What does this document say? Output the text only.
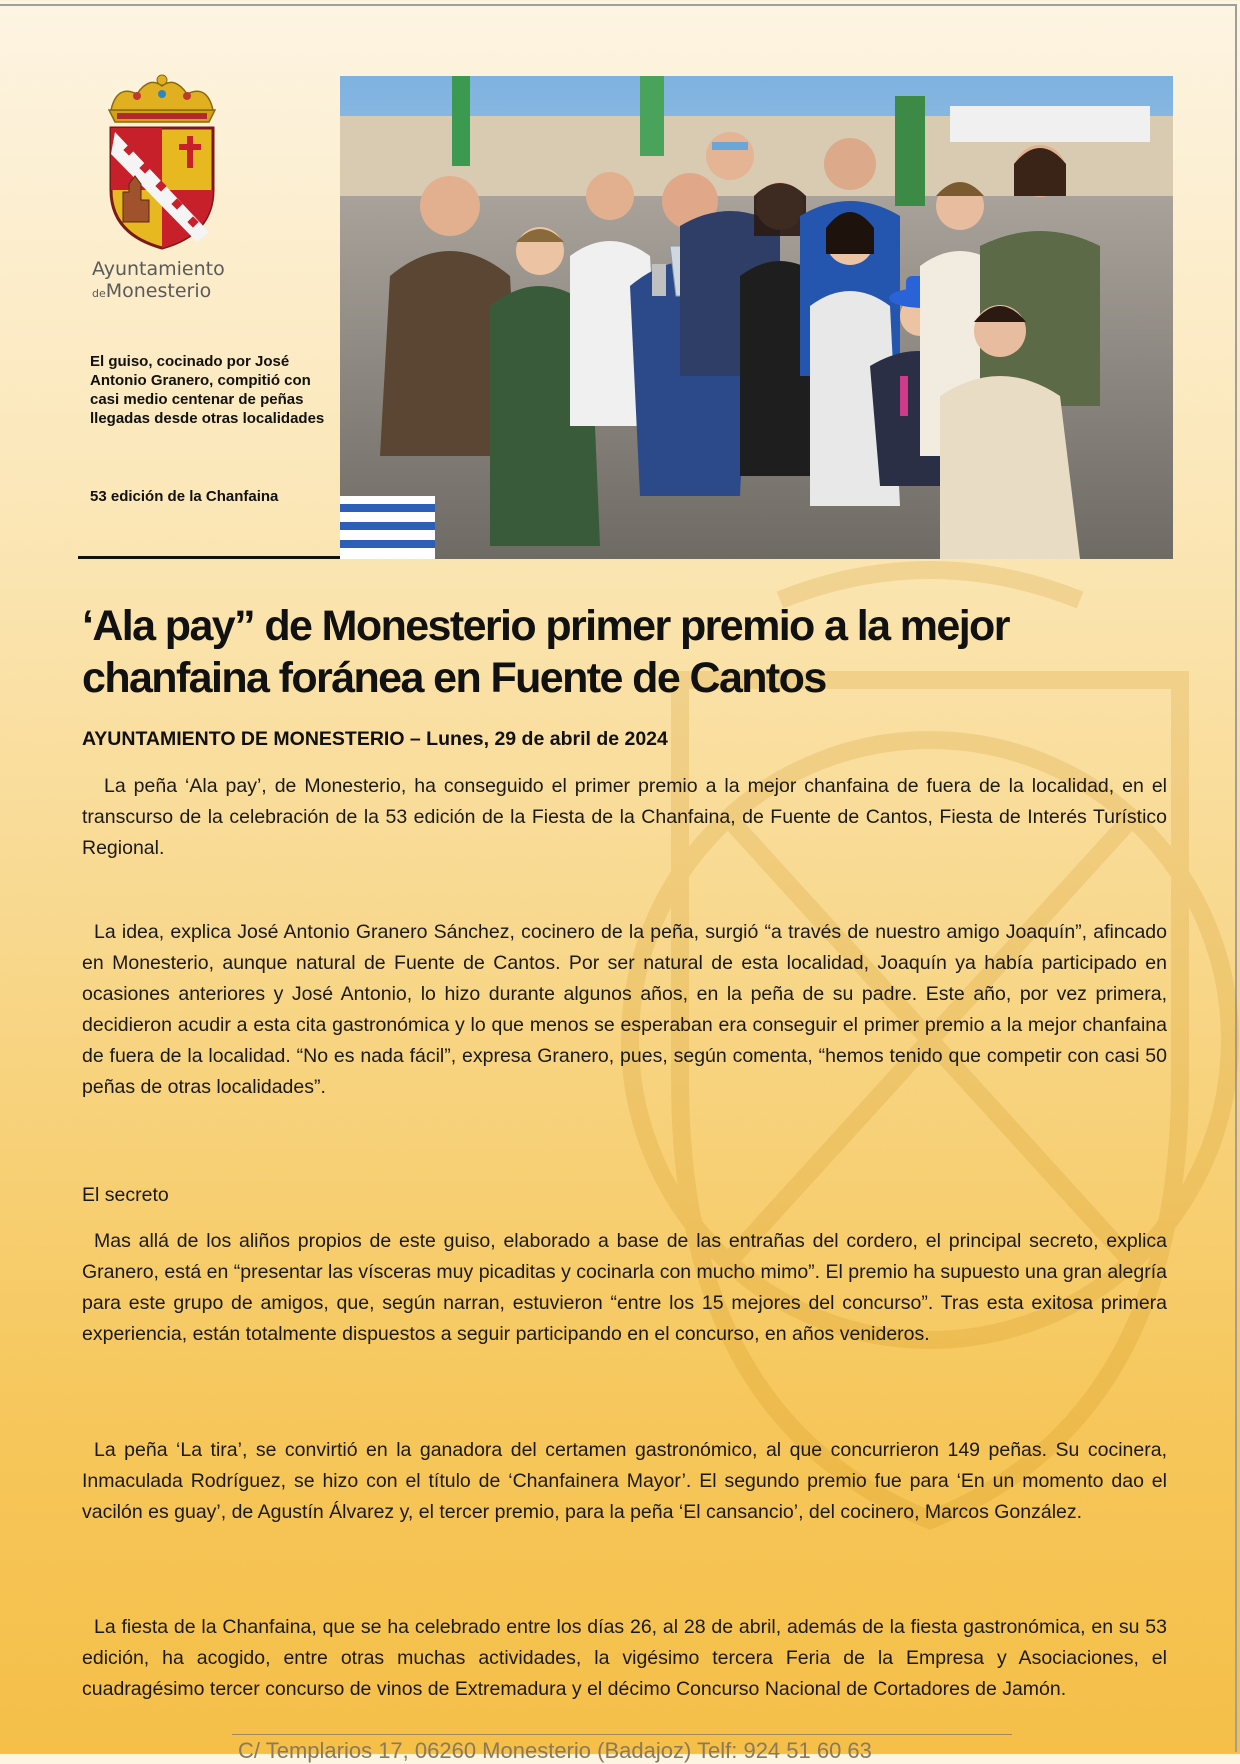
Ayuntamiento
deMonesterio
El guiso, cocinado por José Antonio Granero, compitió con casi medio centenar de peñas llegadas desde otras localidades
53 edición de la Chanfaina
‘Ala pay” de Monesterio primer premio a la mejor chanfaina foránea en Fuente de Cantos
AYUNTAMIENTO DE MONESTERIO – Lunes, 29 de abril de 2024

La peña ‘Ala pay’, de Monesterio, ha conseguido el primer premio a la mejor chanfaina de fuera de la localidad, en el transcurso de la celebración de la 53 edición de la Fiesta de la Chanfaina, de Fuente de Cantos, Fiesta de Interés Turístico Regional.

La idea, explica José Antonio Granero Sánchez, cocinero de la peña, surgió “a través de nuestro amigo Joaquín”, afincado en Monesterio, aunque natural de Fuente de Cantos. Por ser natural de esta localidad, Joaquín ya había participado en ocasiones anteriores y José Antonio, lo hizo durante algunos años, en la peña de su padre. Este año, por vez primera, decidieron acudir a esta cita gastronómica y lo que menos se esperaban era conseguir el primer premio a la mejor chanfaina de fuera de la localidad. “No es nada fácil”, expresa Granero, pues, según comenta, “hemos tenido que competir con casi 50 peñas de otras localidades”.

El secreto

Mas allá de los aliños propios de este guiso, elaborado a base de las entrañas del cordero, el principal secreto, explica Granero, está en “presentar las vísceras muy picaditas y cocinarla con mucho mimo”. El premio ha supuesto una gran alegría para este grupo de amigos, que, según narran, estuvieron “entre los 15 mejores del concurso”. Tras esta exitosa primera experiencia, están totalmente dispuestos a seguir participando en el concurso, en años venideros.

La peña ‘La tira’, se convirtió en la ganadora del certamen gastronómico, al que concurrieron 149 peñas. Su cocinera, Inmaculada Rodríguez, se hizo con el título de ‘Chanfainera Mayor’. El segundo premio fue para ‘En un momento dao el vacilón es guay’, de Agustín Álvarez y, el tercer premio, para la peña ‘El cansancio’, del cocinero, Marcos González.

La fiesta de la Chanfaina, que se ha celebrado entre los días 26, al 28 de abril, además de la fiesta gastronómica, en su 53 edición, ha acogido, entre otras muchas actividades, la vigésimo tercera Feria de la Empresa y Asociaciones, el cuadragésimo tercer concurso de vinos de Extremadura y el décimo Concurso Nacional de Cortadores de Jamón.

C/ Templarios 17, 06260 Monesterio (Badajoz) Telf: 924 51 60 63
